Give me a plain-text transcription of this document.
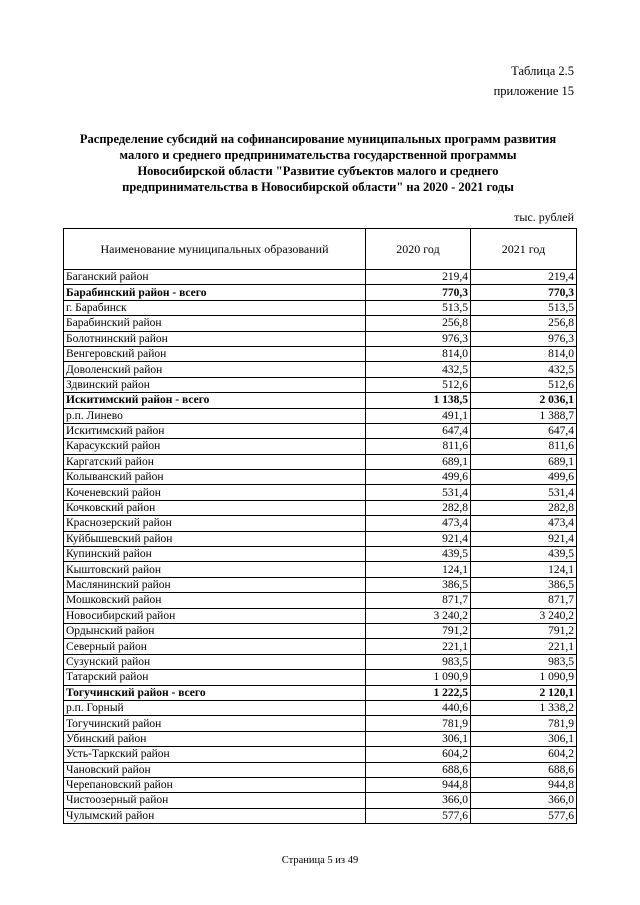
Таблица 2.5
приложение 15
Распределение субсидий на софинансирование муниципальных программ развития
малого и среднего предпринимательства государственной программы
Новосибирской области "Развитие субъектов малого и среднего
предпринимательства в Новосибирской области" на 2020 - 2021 годы
тыс. рублей
Наименование муниципальных образований	2020 год	2021 год
Баганский район	219,4	219,4
Барабинский район - всего	770,3	770,3
г. Барабинск	513,5	513,5
Барабинский район	256,8	256,8
Болотнинский район	976,3	976,3
Венгеровский район	814,0	814,0
Доволенский район	432,5	432,5
Здвинский район	512,6	512,6
Искитимский район - всего	1 138,5	2 036,1
р.п. Линево	491,1	1 388,7
Искитимский район	647,4	647,4
Карасукский район	811,6	811,6
Каргатский район	689,1	689,1
Колыванский район	499,6	499,6
Коченевский район	531,4	531,4
Кочковский район	282,8	282,8
Краснозерский район	473,4	473,4
Куйбышевский район	921,4	921,4
Купинский район	439,5	439,5
Кыштовский район	124,1	124,1
Маслянинский район	386,5	386,5
Мошковский район	871,7	871,7
Новосибирский район	3 240,2	3 240,2
Ордынский район	791,2	791,2
Северный район	221,1	221,1
Сузунский район	983,5	983,5
Татарский район	1 090,9	1 090,9
Тогучинский район - всего	1 222,5	2 120,1
р.п. Горный	440,6	1 338,2
Тогучинский район	781,9	781,9
Убинский район	306,1	306,1
Усть-Таркский район	604,2	604,2
Чановский район	688,6	688,6
Черепановский район	944,8	944,8
Чистоозерный район	366,0	366,0
Чулымский район	577,6	577,6
Страница 5 из 49
